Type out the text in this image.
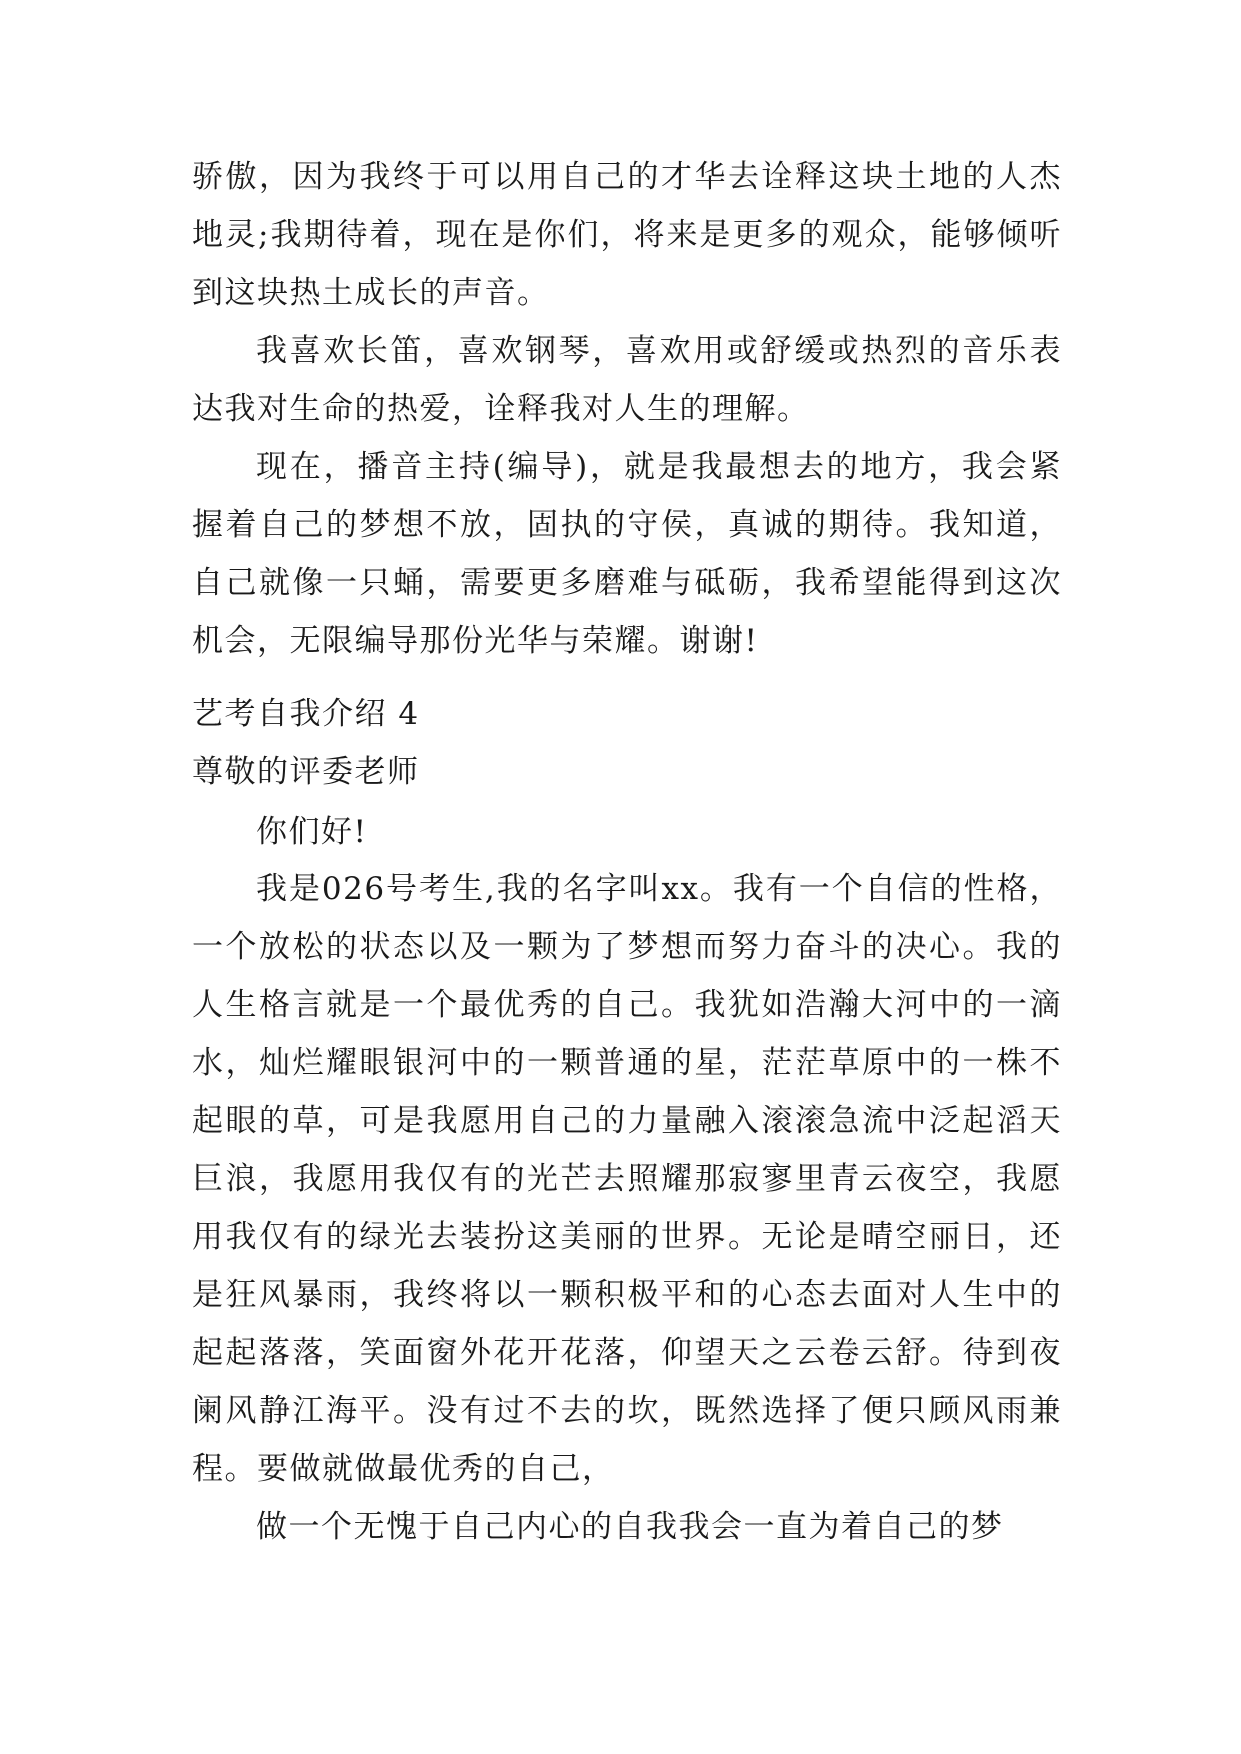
骄傲，因为我终于可以用自己的才华去诠释这块土地的人杰地灵;我期待着，现在是你们，将来是更多的观众，能够倾听到这块热土成长的声音。

我喜欢长笛，喜欢钢琴，喜欢用或舒缓或热烈的音乐表达我对生命的热爱，诠释我对人生的理解。

现在，播音主持(编导)，就是我最想去的地方，我会紧握着自己的梦想不放，固执的守侯，真诚的期待。我知道，自己就像一只蛹，需要更多磨难与砥砺，我希望能得到这次机会，无限编导那份光华与荣耀。谢谢!

艺考自我介绍 4

尊敬的评委老师

你们好!

我是026号考生,我的名字叫xx。我有一个自信的性格，一个放松的状态以及一颗为了梦想而努力奋斗的决心。我的人生格言就是一个最优秀的自己。我犹如浩瀚大河中的一滴水，灿烂耀眼银河中的一颗普通的星，茫茫草原中的一株不起眼的草，可是我愿用自己的力量融入滚滚急流中泛起滔天巨浪，我愿用我仅有的光芒去照耀那寂寥里青云夜空，我愿用我仅有的绿光去装扮这美丽的世界。无论是晴空丽日，还是狂风暴雨，我终将以一颗积极平和的心态去面对人生中的起起落落，笑面窗外花开花落，仰望天之云卷云舒。待到夜阑风静江海平。没有过不去的坎，既然选择了便只顾风雨兼程。要做就做最优秀的自己，

做一个无愧于自己内心的自我我会一直为着自己的梦
